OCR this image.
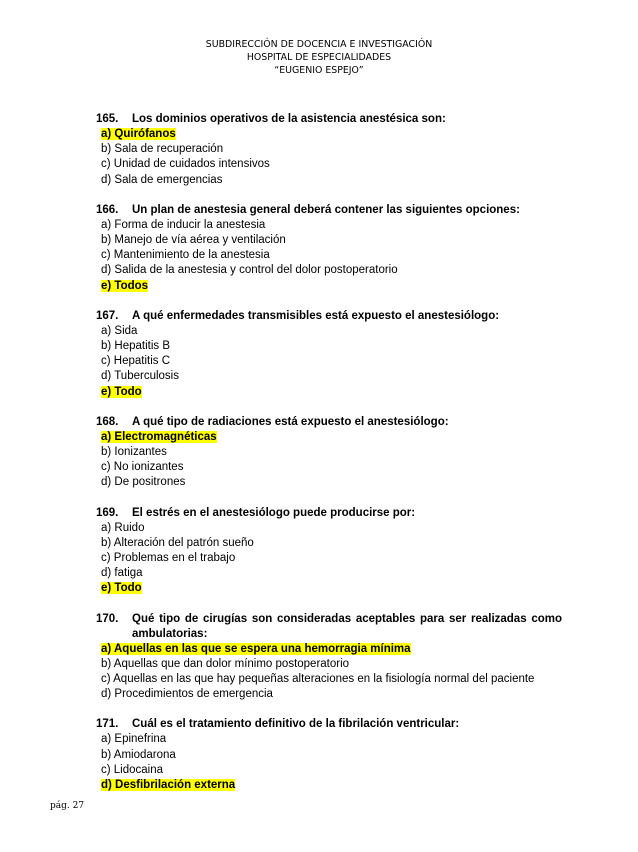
SUBDIRECCIÓN DE DOCENCIA E INVESTIGACIÓN
HOSPITAL DE ESPECIALIDADES
“EUGENIO ESPEJO”
165.	Los dominios operativos de la asistencia anestésica son:
a) Quirófanos
b) Sala de recuperación
c) Unidad de cuidados intensivos
d) Sala de emergencias
166.	Un plan de anestesia general deberá contener las siguientes opciones:
a) Forma de inducir la anestesia
b) Manejo de vía aérea y ventilación
c) Mantenimiento de la anestesia
d) Salida de la anestesia y control del dolor postoperatorio
e) Todos
167.	A qué enfermedades transmisibles está expuesto el anestesiólogo:
a) Sida
b) Hepatitis B
c) Hepatitis C
d) Tuberculosis
e) Todo
168.	A qué tipo de radiaciones está expuesto el anestesiólogo:
a) Electromagnéticas
b) Ionizantes
c) No ionizantes
d) De positrones
169.	El estrés en el anestesiólogo puede producirse por:
a) Ruido
b) Alteración del patrón sueño
c) Problemas en el trabajo
d) fatiga
e) Todo
170.	Qué tipo de cirugías son consideradas aceptables para ser realizadas como ambulatorias:
a) Aquellas en las que se espera una hemorragia mínima
b) Aquellas que dan dolor mínimo postoperatorio
c) Aquellas en las que hay pequeñas alteraciones en la fisiología normal del paciente
d) Procedimientos de emergencia
171.	Cuál es el tratamiento definitivo de la fibrilación ventricular:
a) Epinefrina
b) Amiodarona
c) Lidocaina
d) Desfibrilación externa
pág. 27
